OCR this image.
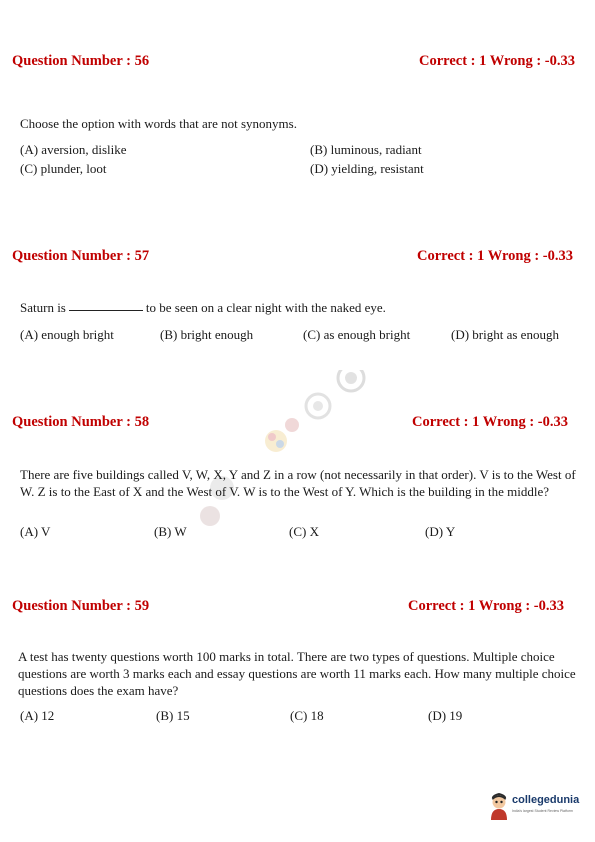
Question Number : 56	Correct : 1 Wrong : -0.33
Choose the option with words that are not synonyms.
(A) aversion, dislike	(B) luminous, radiant
(C) plunder, loot	(D) yielding, resistant
Question Number : 57	Correct : 1 Wrong : -0.33
Saturn is	to be seen on a clear night with the naked eye.
(A) enough bright	(B) bright enough	(C) as enough bright	(D) bright as enough
Question Number : 58	Correct : 1 Wrong : -0.33
There are five buildings called V, W, X, Y and Z in a row (not necessarily in that order). V is to the West of W. Z is to the East of X and the West of V. W is to the West of Y. Which is the building in the middle?
(A) V	(B) W	(C) X	(D) Y
Question Number : 59	Correct : 1 Wrong : -0.33
A test has twenty questions worth 100 marks in total. There are two types of questions. Multiple choice questions are worth 3 marks each and essay questions are worth 11 marks each. How many multiple choice questions does the exam have?
(A) 12	(B) 15	(C) 18	(D) 19
collegedunia
India's largest Student Review Platform
